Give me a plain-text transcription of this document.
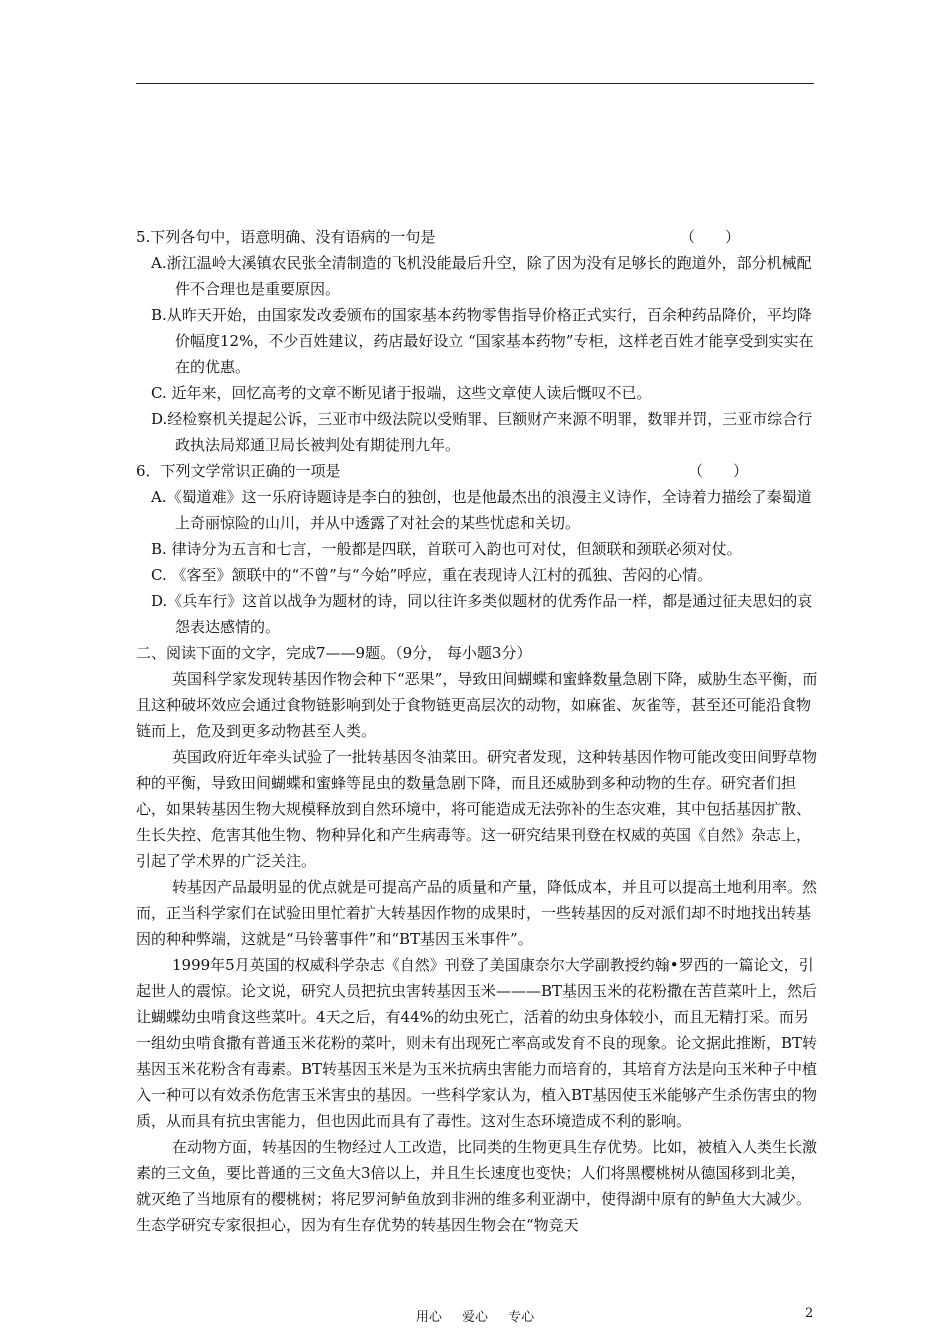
5.下列各句中，语意明确、没有语病的一句是	（　　）

A.浙江温岭大溪镇农民张全清制造的飞机没能最后升空，除了因为没有足够长的跑道外，部分机械配件不合理也是重要原因。

B.从昨天开始，由国家发改委颁布的国家基本药物零售指导价格正式实行，百余种药品降价，平均降价幅度12%，不少百姓建议，药店最好设立 “国家基本药物”专柜，这样老百姓才能享受到实实在在的优惠。

C. 近年来，回忆高考的文章不断见诸于报端，这些文章使人读后慨叹不已。

D.经检察机关提起公诉，三亚市中级法院以受贿罪、巨额财产来源不明罪，数罪并罚，三亚市综合行政执法局郑通卫局长被判处有期徒刑九年。

6．下列文学常识正确的一项是	（　　）

A.《蜀道难》这一乐府诗题诗是李白的独创，也是他最杰出的浪漫主义诗作，全诗着力描绘了秦蜀道上奇丽惊险的山川，并从中透露了对社会的某些忧虑和关切。

B. 律诗分为五言和七言，一般都是四联，首联可入韵也可对仗，但颔联和颈联必须对仗。

C. 《客至》颔联中的“不曾”与“今始”呼应，重在表现诗人江村的孤独、苦闷的心情。

D.《兵车行》这首以战争为题材的诗，同以往许多类似题材的优秀作品一样，都是通过征夫思妇的哀怨表达感情的。

二、阅读下面的文字，完成7——9题。（9分， 每小题3分）

英国科学家发现转基因作物会种下“恶果”，导致田间蝴蝶和蜜蜂数量急剧下降，威胁生态平衡，而且这种破坏效应会通过食物链影响到处于食物链更高层次的动物，如麻雀、灰雀等，甚至还可能沿食物链而上，危及到更多动物甚至人类。

英国政府近年牵头试验了一批转基因冬油菜田。研究者发现，这种转基因作物可能改变田间野草物种的平衡，导致田间蝴蝶和蜜蜂等昆虫的数量急剧下降，而且还威胁到多种动物的生存。研究者们担心，如果转基因生物大规模释放到自然环境中，将可能造成无法弥补的生态灾难，其中包括基因扩散、生长失控、危害其他生物、物种异化和产生病毒等。这一研究结果刊登在权威的英国《自然》杂志上，引起了学术界的广泛关注。

转基因产品最明显的优点就是可提高产品的质量和产量，降低成本，并且可以提高土地利用率。然而，正当科学家们在试验田里忙着扩大转基因作物的成果时，一些转基因的反对派们却不时地找出转基因的种种弊端，这就是“马铃薯事件”和“BT基因玉米事件”。

1999年5月英国的权威科学杂志《自然》刊登了美国康奈尔大学副教授约翰•罗西的一篇论文，引起世人的震惊。论文说，研究人员把抗虫害转基因玉米———BT基因玉米的花粉撒在苦苣菜叶上，然后让蝴蝶幼虫啃食这些菜叶。4天之后，有44%的幼虫死亡，活着的幼虫身体较小，而且无精打采。而另一组幼虫啃食撒有普通玉米花粉的菜叶，则未有出现死亡率高或发育不良的现象。论文据此推断，BT转基因玉米花粉含有毒素。BT转基因玉米是为玉米抗病虫害能力而培育的，其培育方法是向玉米种子中植入一种可以有效杀伤危害玉米害虫的基因。一些科学家认为，植入BT基因使玉米能够产生杀伤害虫的物质，从而具有抗虫害能力，但也因此而具有了毒性。这对生态环境造成不利的影响。

在动物方面，转基因的生物经过人工改造，比同类的生物更具生存优势。比如，被植入人类生长激素的三文鱼，要比普通的三文鱼大3倍以上，并且生长速度也变快；人们将黑樱桃树从德国移到北美，就灭绝了当地原有的樱桃树；将尼罗河鲈鱼放到非洲的维多利亚湖中，使得湖中原有的鲈鱼大大减少。生态学研究专家很担心，因为有生存优势的转基因生物会在“物竞天

用心 爱心 专心	2
